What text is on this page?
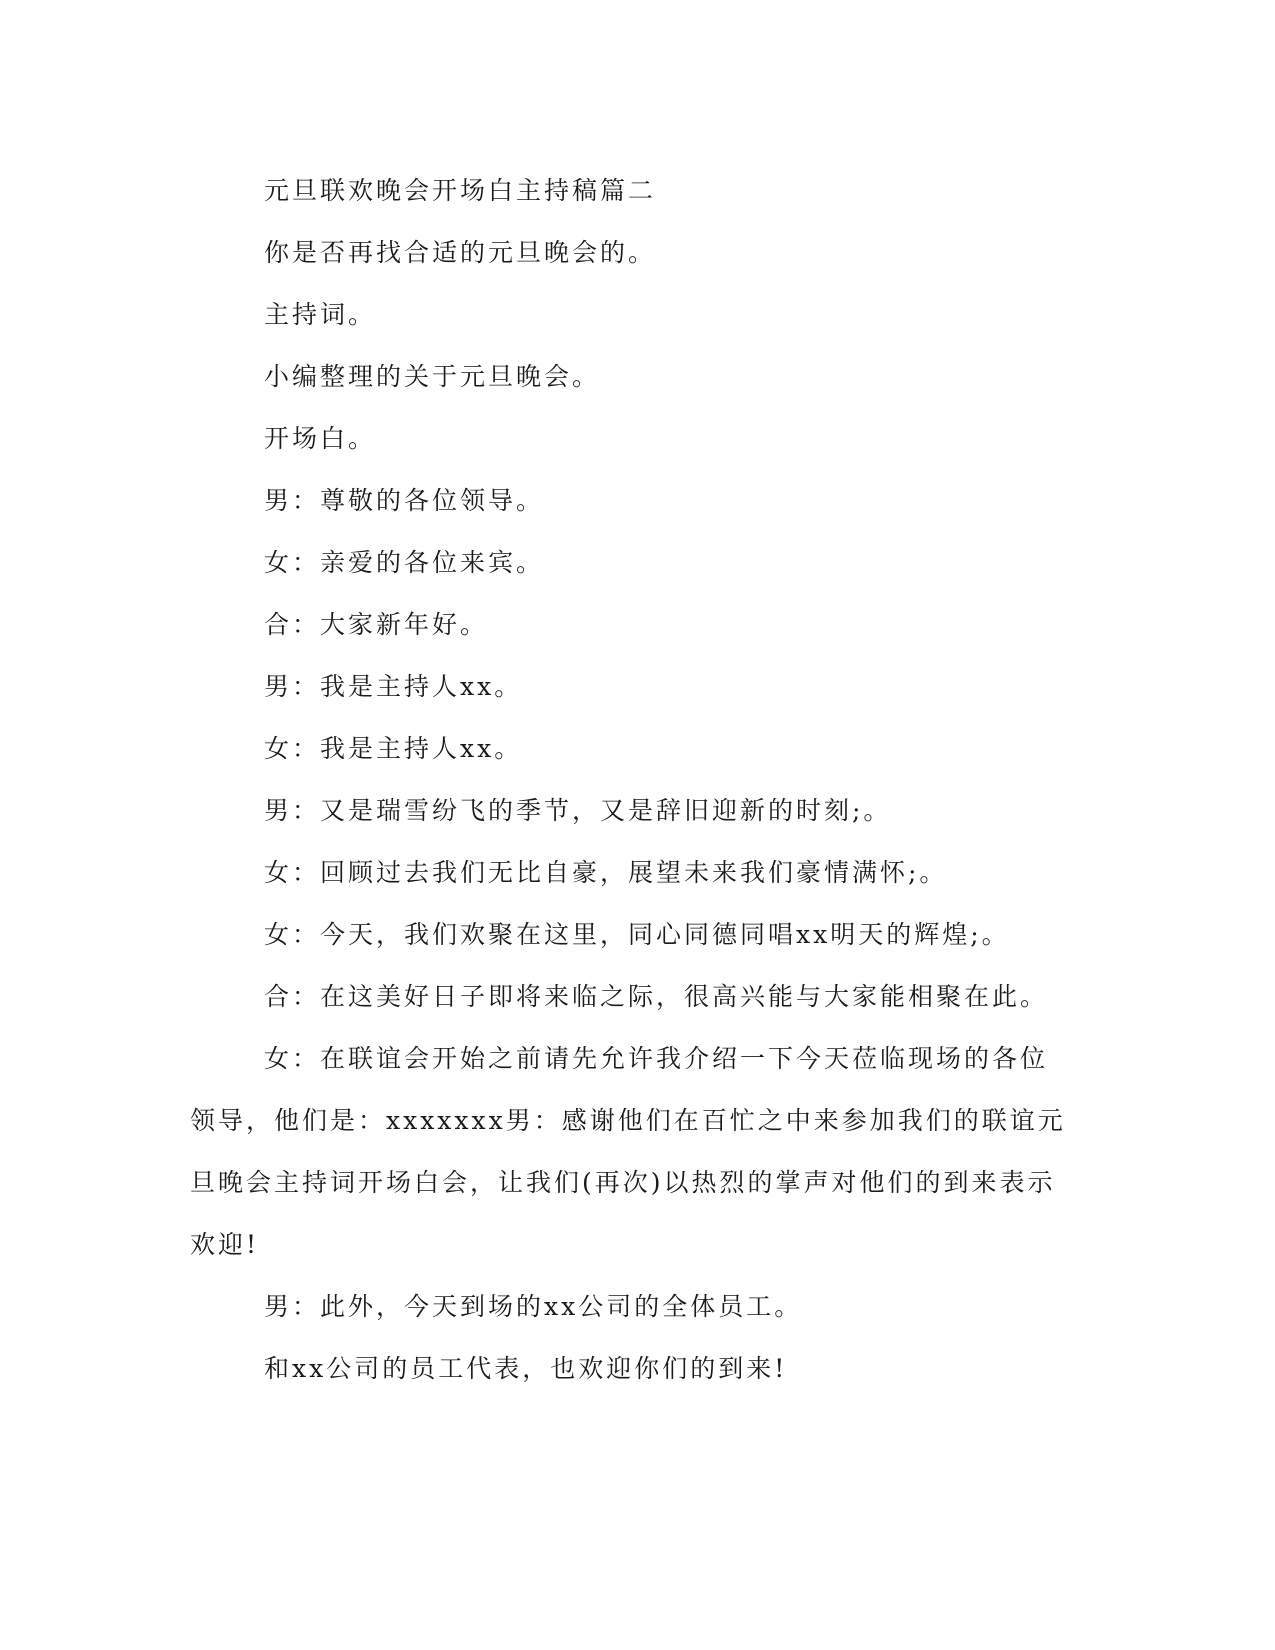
元旦联欢晚会开场白主持稿篇二

你是否再找合适的元旦晚会的。

主持词。

小编整理的关于元旦晚会。

开场白。

男：尊敬的各位领导。

女：亲爱的各位来宾。

合：大家新年好。

男：我是主持人xx。

女：我是主持人xx。

男：又是瑞雪纷飞的季节，又是辞旧迎新的时刻;。

女：回顾过去我们无比自豪，展望未来我们豪情满怀;。

女：今天，我们欢聚在这里，同心同德同唱xx明天的辉煌;。

合：在这美好日子即将来临之际，很高兴能与大家能相聚在此。

女：在联谊会开始之前请先允许我介绍一下今天莅临现场的各位领导，他们是：xxxxxxx男：感谢他们在百忙之中来参加我们的联谊元旦晚会主持词开场白会，让我们(再次)以热烈的掌声对他们的到来表示欢迎!

男：此外，今天到场的xx公司的全体员工。

和xx公司的员工代表，也欢迎你们的到来!
